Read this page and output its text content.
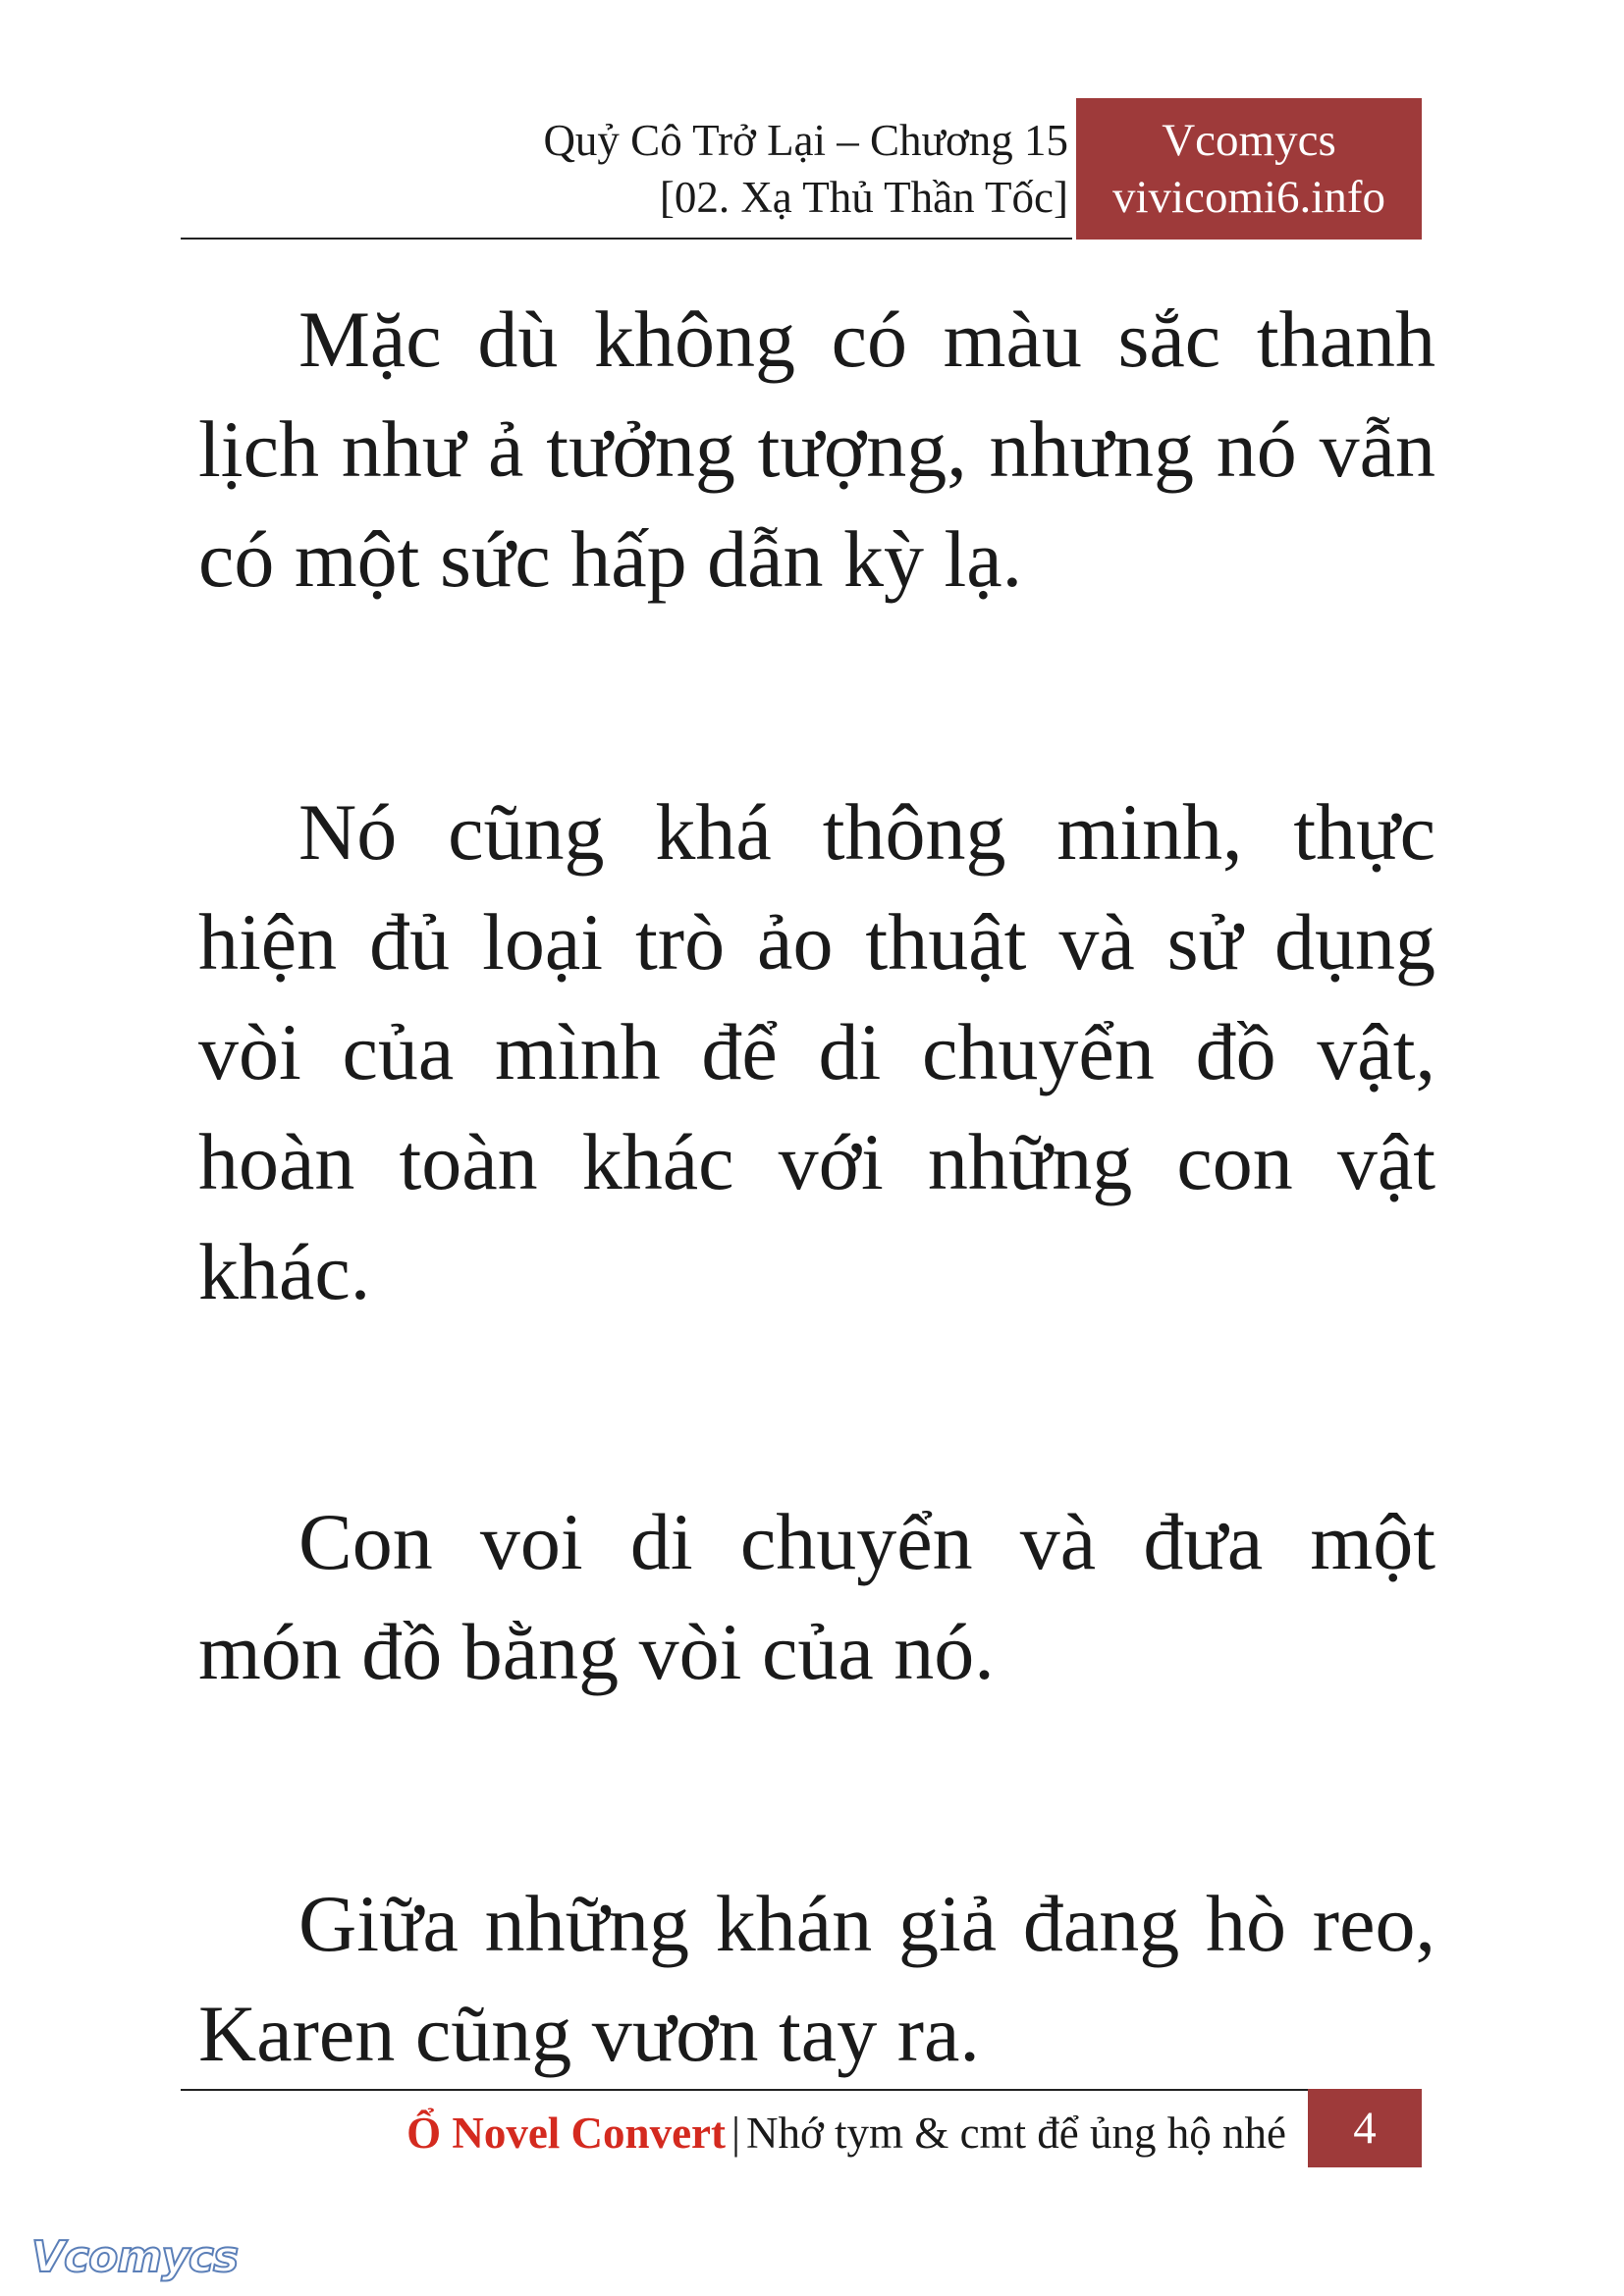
Quỷ Cô Trở Lại – Chương 15
[02. Xạ Thủ Thần Tốc]
Vcomycs
vivicomi6.info

Mặc dù không có màu sắc thanh lịch như ả tưởng tượng, nhưng nó vẫn có một sức hấp dẫn kỳ lạ.

Nó cũng khá thông minh, thực hiện đủ loại trò ảo thuật và sử dụng vòi của mình để di chuyển đồ vật, hoàn toàn khác với những con vật khác.

Con voi di chuyển và đưa một món đồ bằng vòi của nó.

Giữa những khán giả đang hò reo, Karen cũng vươn tay ra.

Ổ Novel Convert | Nhớ tym & cmt để ủng hộ nhé	4
Vcomycs
